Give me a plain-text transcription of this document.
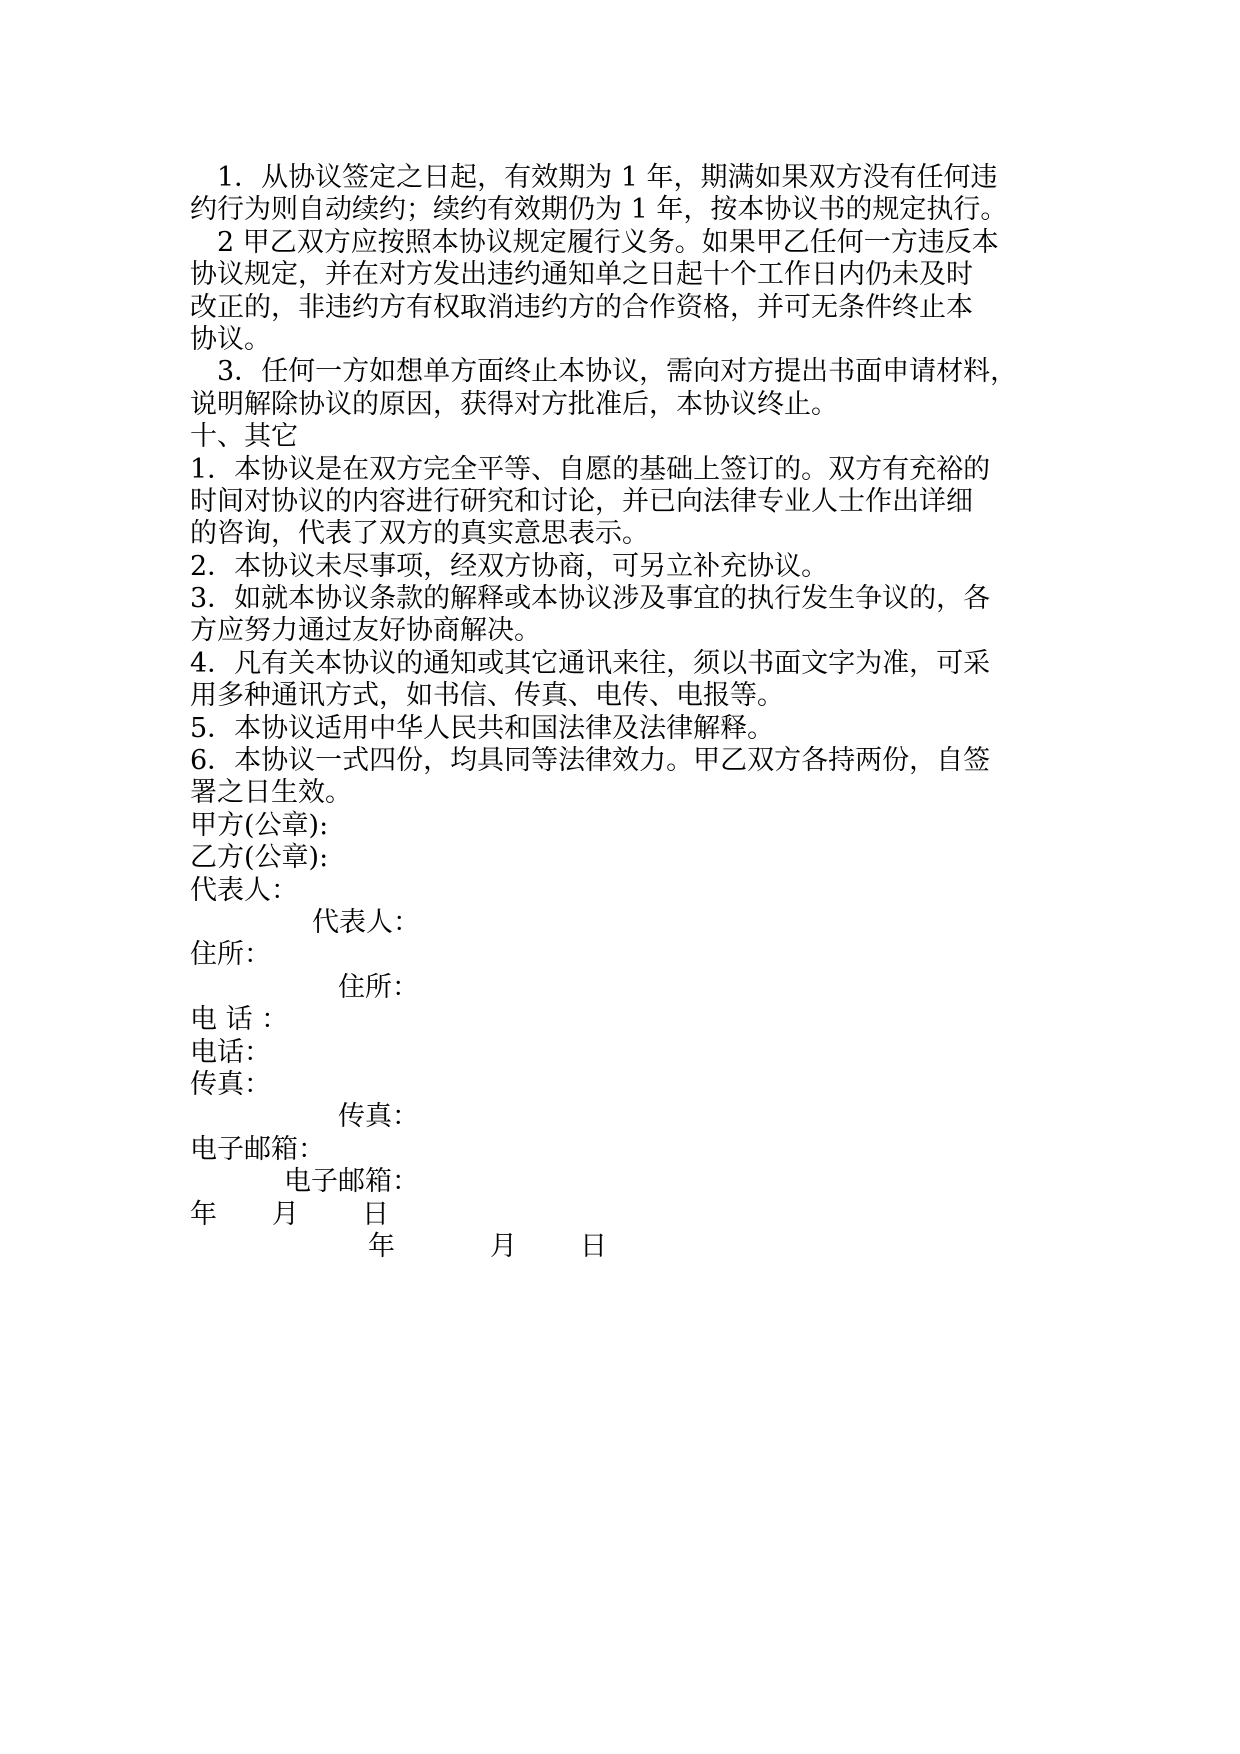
1．从协议签定之日起，有效期为 1 年，期满如果双方没有任何违
约行为则自动续约；续约有效期仍为 1 年，按本协议书的规定执行。
2 甲乙双方应按照本协议规定履行义务。如果甲乙任何一方违反本
协议规定，并在对方发出违约通知单之日起十个工作日内仍未及时
改正的，非违约方有权取消违约方的合作资格，并可无条件终止本
协议。
3．任何一方如想单方面终止本协议，需向对方提出书面申请材料，
说明解除协议的原因，获得对方批准后，本协议终止。
十、其它
1．本协议是在双方完全平等、自愿的基础上签订的。双方有充裕的
时间对协议的内容进行研究和讨论，并已向法律专业人士作出详细
的咨询，代表了双方的真实意思表示。
2．本协议未尽事项，经双方协商，可另立补充协议。
3．如就本协议条款的解释或本协议涉及事宜的执行发生争议的，各
方应努力通过友好协商解决。
4．凡有关本协议的通知或其它通讯来往，须以书面文字为准，可采
用多种通讯方式，如书信、传真、电传、电报等。
5．本协议适用中华人民共和国法律及法律解释。
6．本协议一式四份，均具同等法律效力。甲乙双方各持两份，自签
署之日生效。
甲方(公章):
乙方(公章):
代表人：
代表人：
住所：
住所：
电 话 ：
电话：
传真：
传真：
电子邮箱：
电子邮箱：
年 月 日
年	月 日
